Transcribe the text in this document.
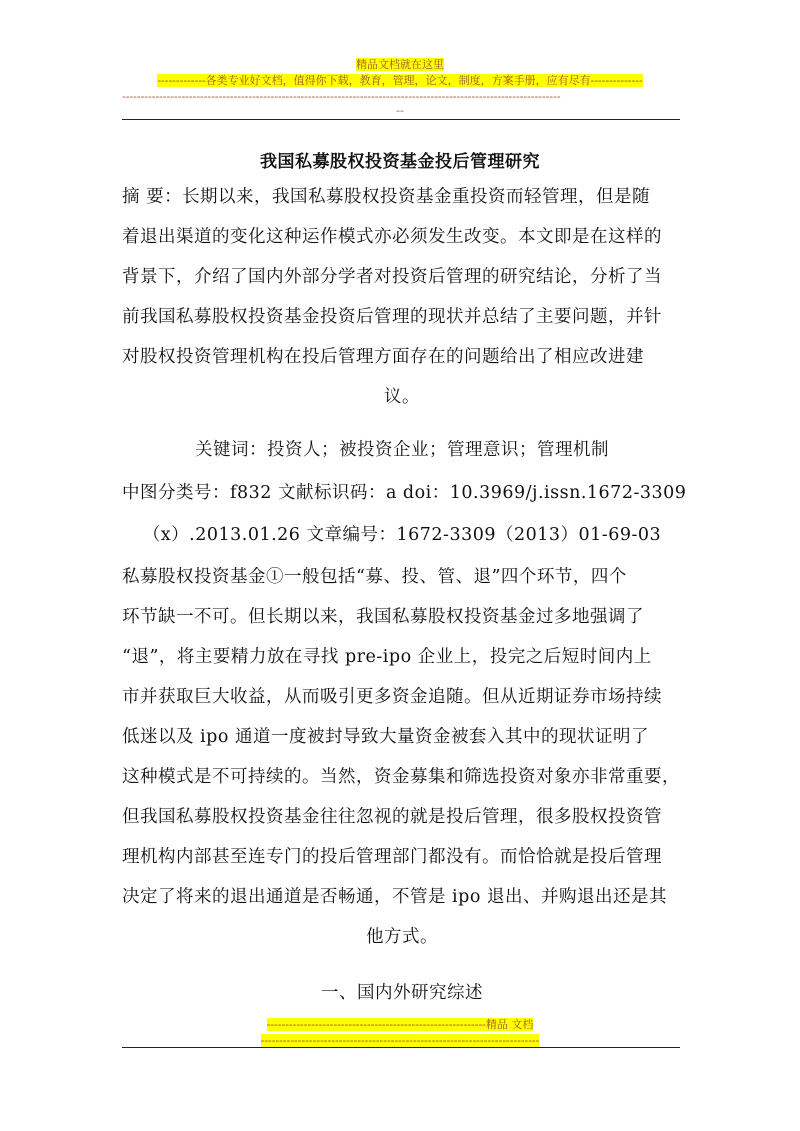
精品文档就在这里
-------------各类专业好文档，值得你下载，教育，管理，论文，制度，方案手册，应有尽有--------------
----------------------------------------------------------------------------------------------------------------------
--
我国私募股权投资基金投后管理研究
摘 要：长期以来，我国私募股权投资基金重投资而轻管理，但是随
着退出渠道的变化这种运作模式亦必须发生改变。本文即是在这样的
背景下，介绍了国内外部分学者对投资后管理的研究结论，分析了当
前我国私募股权投资基金投资后管理的现状并总结了主要问题，并针
对股权投资管理机构在投后管理方面存在的问题给出了相应改进建
议。
关键词：投资人；被投资企业；管理意识；管理机制
中图分类号：f832 文献标识码：a doi：10.3969/j.issn.1672-3309
（x）.2013.01.26 文章编号：1672-3309（2013）01-69-03
私募股权投资基金①一般包括“募、投、管、退”四个环节，四个
环节缺一不可。但长期以来，我国私募股权投资基金过多地强调了
“退”，将主要精力放在寻找 pre-ipo 企业上，投完之后短时间内上
市并获取巨大收益，从而吸引更多资金追随。但从近期证券市场持续
低迷以及 ipo 通道一度被封导致大量资金被套入其中的现状证明了
这种模式是不可持续的。当然，资金募集和筛选投资对象亦非常重要，
但我国私募股权投资基金往往忽视的就是投后管理，很多股权投资管
理机构内部甚至连专门的投后管理部门都没有。而恰恰就是投后管理
决定了将来的退出通道是否畅通，不管是 ipo 退出、并购退出还是其
他方式。
一、国内外研究综述
-----------------------------------------------------------精品 文档
---------------------------------------------------------------------------
